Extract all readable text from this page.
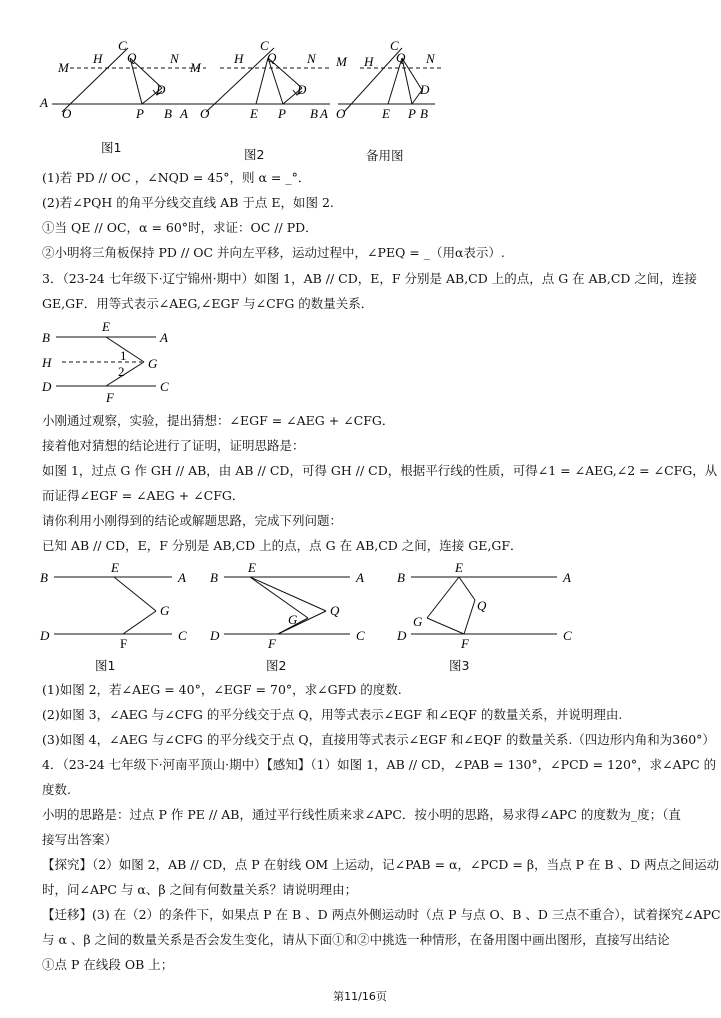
M
H
C
Q	N
D
A
O	P B
M
H
C
Q N
D
A O	E P B
M H
C
Q N
D
A O	E P B
图1	图2	备用图
(1)若 PD // OC ，∠NQD = 45°，则 α = _°．
(2)若∠PQH 的角平分线交直线 AB 于点 E，如图 2.
①当 QE // OC，α = 60°时，求证：OC // PD．
②小明将三角板保持 PD // OC 并向左平移，运动过程中，∠PEQ = _（用α表示）.
3．（23-24 七年级下·辽宁锦州·期中）如图 1，AB // CD，E，F 分别是 AB,CD 上的点，点 G 在 AB,CD 之间，连接
GE,GF．用等式表示∠AEG,∠EGF 与∠CFG 的数量关系．
B
E
A
H	1
2
G
D
F
C
小刚通过观察，实验，提出猜想：∠EGF = ∠AEG + ∠CFG．
接着他对猜想的结论进行了证明，证明思路是：
如图 1，过点 G 作 GH // AB，由 AB // CD，可得 GH // CD，根据平行线的性质，可得∠1 = ∠AEG,∠2 = ∠CFG，从
而证得∠EGF = ∠AEG + ∠CFG．
请你利用小刚得到的结论或解题思路，完成下列问题：
已知 AB // CD，E，F 分别是 AB,CD 上的点，点 G 在 AB,CD 之间，连接 GE,GF．
B
E
A
G
D
F
C
B
E
A
Q
G
D
F
C
B
E
A
Q
G
D
F
C
图1	图2	图3
(1)如图 2，若∠AEG = 40°，∠EGF = 70°，求∠GFD 的度数.
(2)如图 3，∠AEG 与∠CFG 的平分线交于点 Q，用等式表示∠EGF 和∠EQF 的数量关系，并说明理由.
(3)如图 4，∠AEG 与∠CFG 的平分线交于点 Q，直接用等式表示∠EGF 和∠EQF 的数量关系.（四边形内角和为360°）
4．（23-24 七年级下·河南平顶山·期中）【感知】（1）如图 1，AB // CD，∠PAB = 130°，∠PCD = 120°，求∠APC 的
度数.
小明的思路是：过点 P 作 PE // AB，通过平行线性质来求∠APC．按小明的思路，易求得∠APC 的度数为_度；（直
接写出答案）
【探究】（2）如图 2，AB // CD，点 P 在射线 OM 上运动，记∠PAB = α，∠PCD = β，当点 P 在 B 、D 两点之间运动
时，问∠APC 与 α、β 之间有何数量关系？请说明理由；
【迁移】(3) 在（2）的条件下，如果点 P 在 B 、D 两点外侧运动时（点 P 与点 O、B 、D 三点不重合），试着探究∠APC
与 α 、β 之间的数量关系是否会发生变化，请从下面①和②中挑选一种情形，在备用图中画出图形，直接写出结论
①点 P 在线段 OB 上；
第11/16页
